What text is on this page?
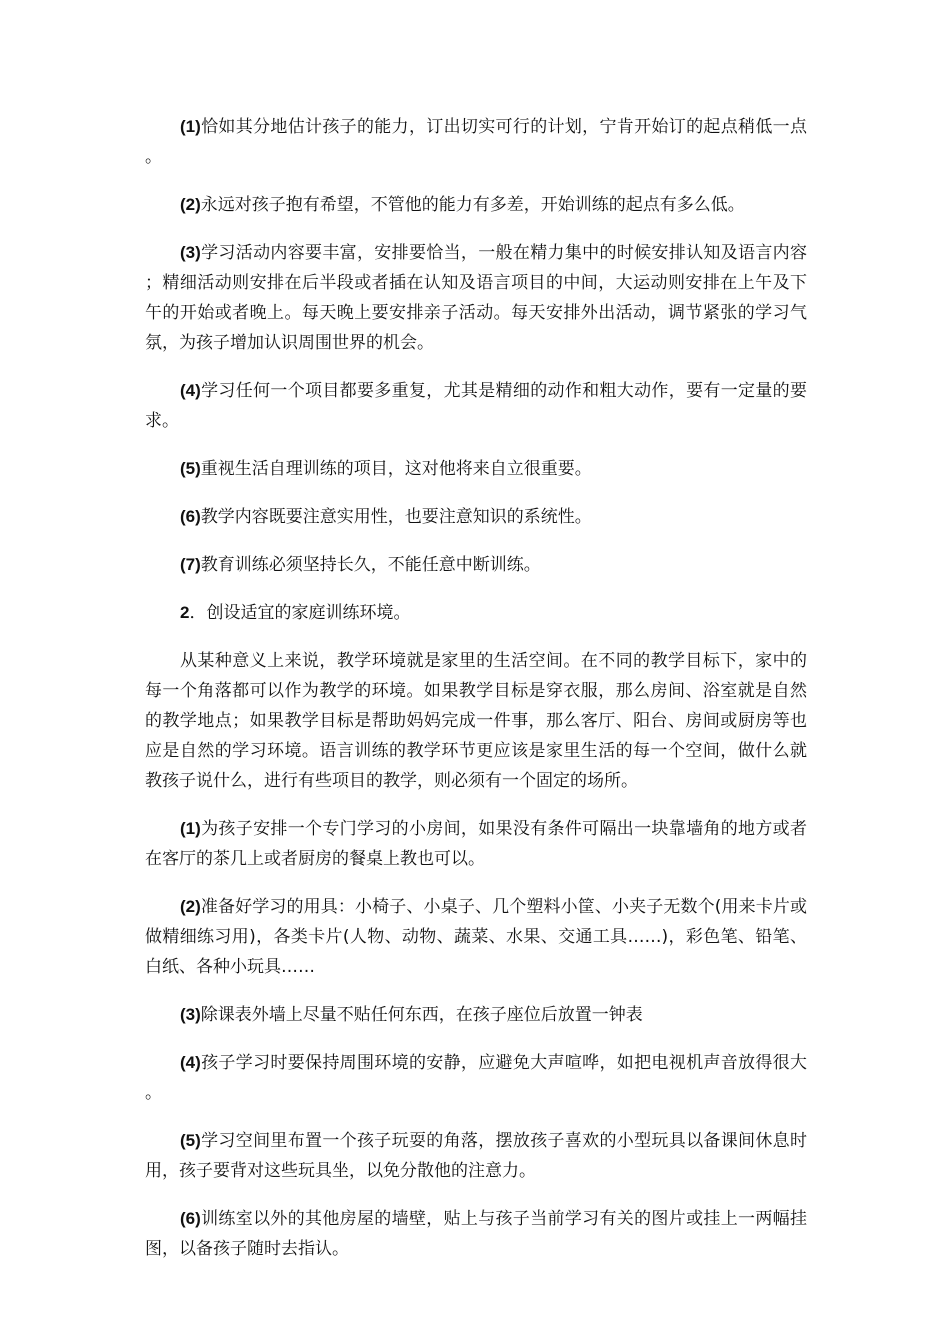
(1)恰如其分地估计孩子的能力，订出切实可行的计划，宁肯开始订的起点稍低一点。

(2)永远对孩子抱有希望，不管他的能力有多差，开始训练的起点有多么低。

(3)学习活动内容要丰富，安排要恰当，一般在精力集中的时候安排认知及语言内容；精细活动则安排在后半段或者插在认知及语言项目的中间，大运动则安排在上午及下午的开始或者晚上。每天晚上要安排亲子活动。每天安排外出活动，调节紧张的学习气氛，为孩子增加认识周围世界的机会。

(4)学习任何一个项目都要多重复，尤其是精细的动作和粗大动作，要有一定量的要求。

(5)重视生活自理训练的项目，这对他将来自立很重要。

(6)教学内容既要注意实用性，也要注意知识的系统性。

(7)教育训练必须坚持长久，不能任意中断训练。

2．创设适宜的家庭训练环境。

从某种意义上来说，教学环境就是家里的生活空间。在不同的教学目标下，家中的每一个角落都可以作为教学的环境。如果教学目标是穿衣服，那么房间、浴室就是自然的教学地点；如果教学目标是帮助妈妈完成一件事，那么客厅、阳台、房间或厨房等也应是自然的学习环境。语言训练的教学环节更应该是家里生活的每一个空间，做什么就教孩子说什么，进行有些项目的教学，则必须有一个固定的场所。

(1)为孩子安排一个专门学习的小房间，如果没有条件可隔出一块靠墙角的地方或者在客厅的茶几上或者厨房的餐桌上教也可以。

(2)准备好学习的用具：小椅子、小桌子、几个塑料小筐、小夹子无数个(用来卡片或做精细练习用)，各类卡片(人物、动物、蔬菜、水果、交通工具……)，彩色笔、铅笔、白纸、各种小玩具……

(3)除课表外墙上尽量不贴任何东西，在孩子座位后放置一钟表

(4)孩子学习时要保持周围环境的安静，应避免大声喧哗，如把电视机声音放得很大。

(5)学习空间里布置一个孩子玩耍的角落，摆放孩子喜欢的小型玩具以备课间休息时用，孩子要背对这些玩具坐，以免分散他的注意力。

(6)训练室以外的其他房屋的墙壁，贴上与孩子当前学习有关的图片或挂上一两幅挂图，以备孩子随时去指认。
